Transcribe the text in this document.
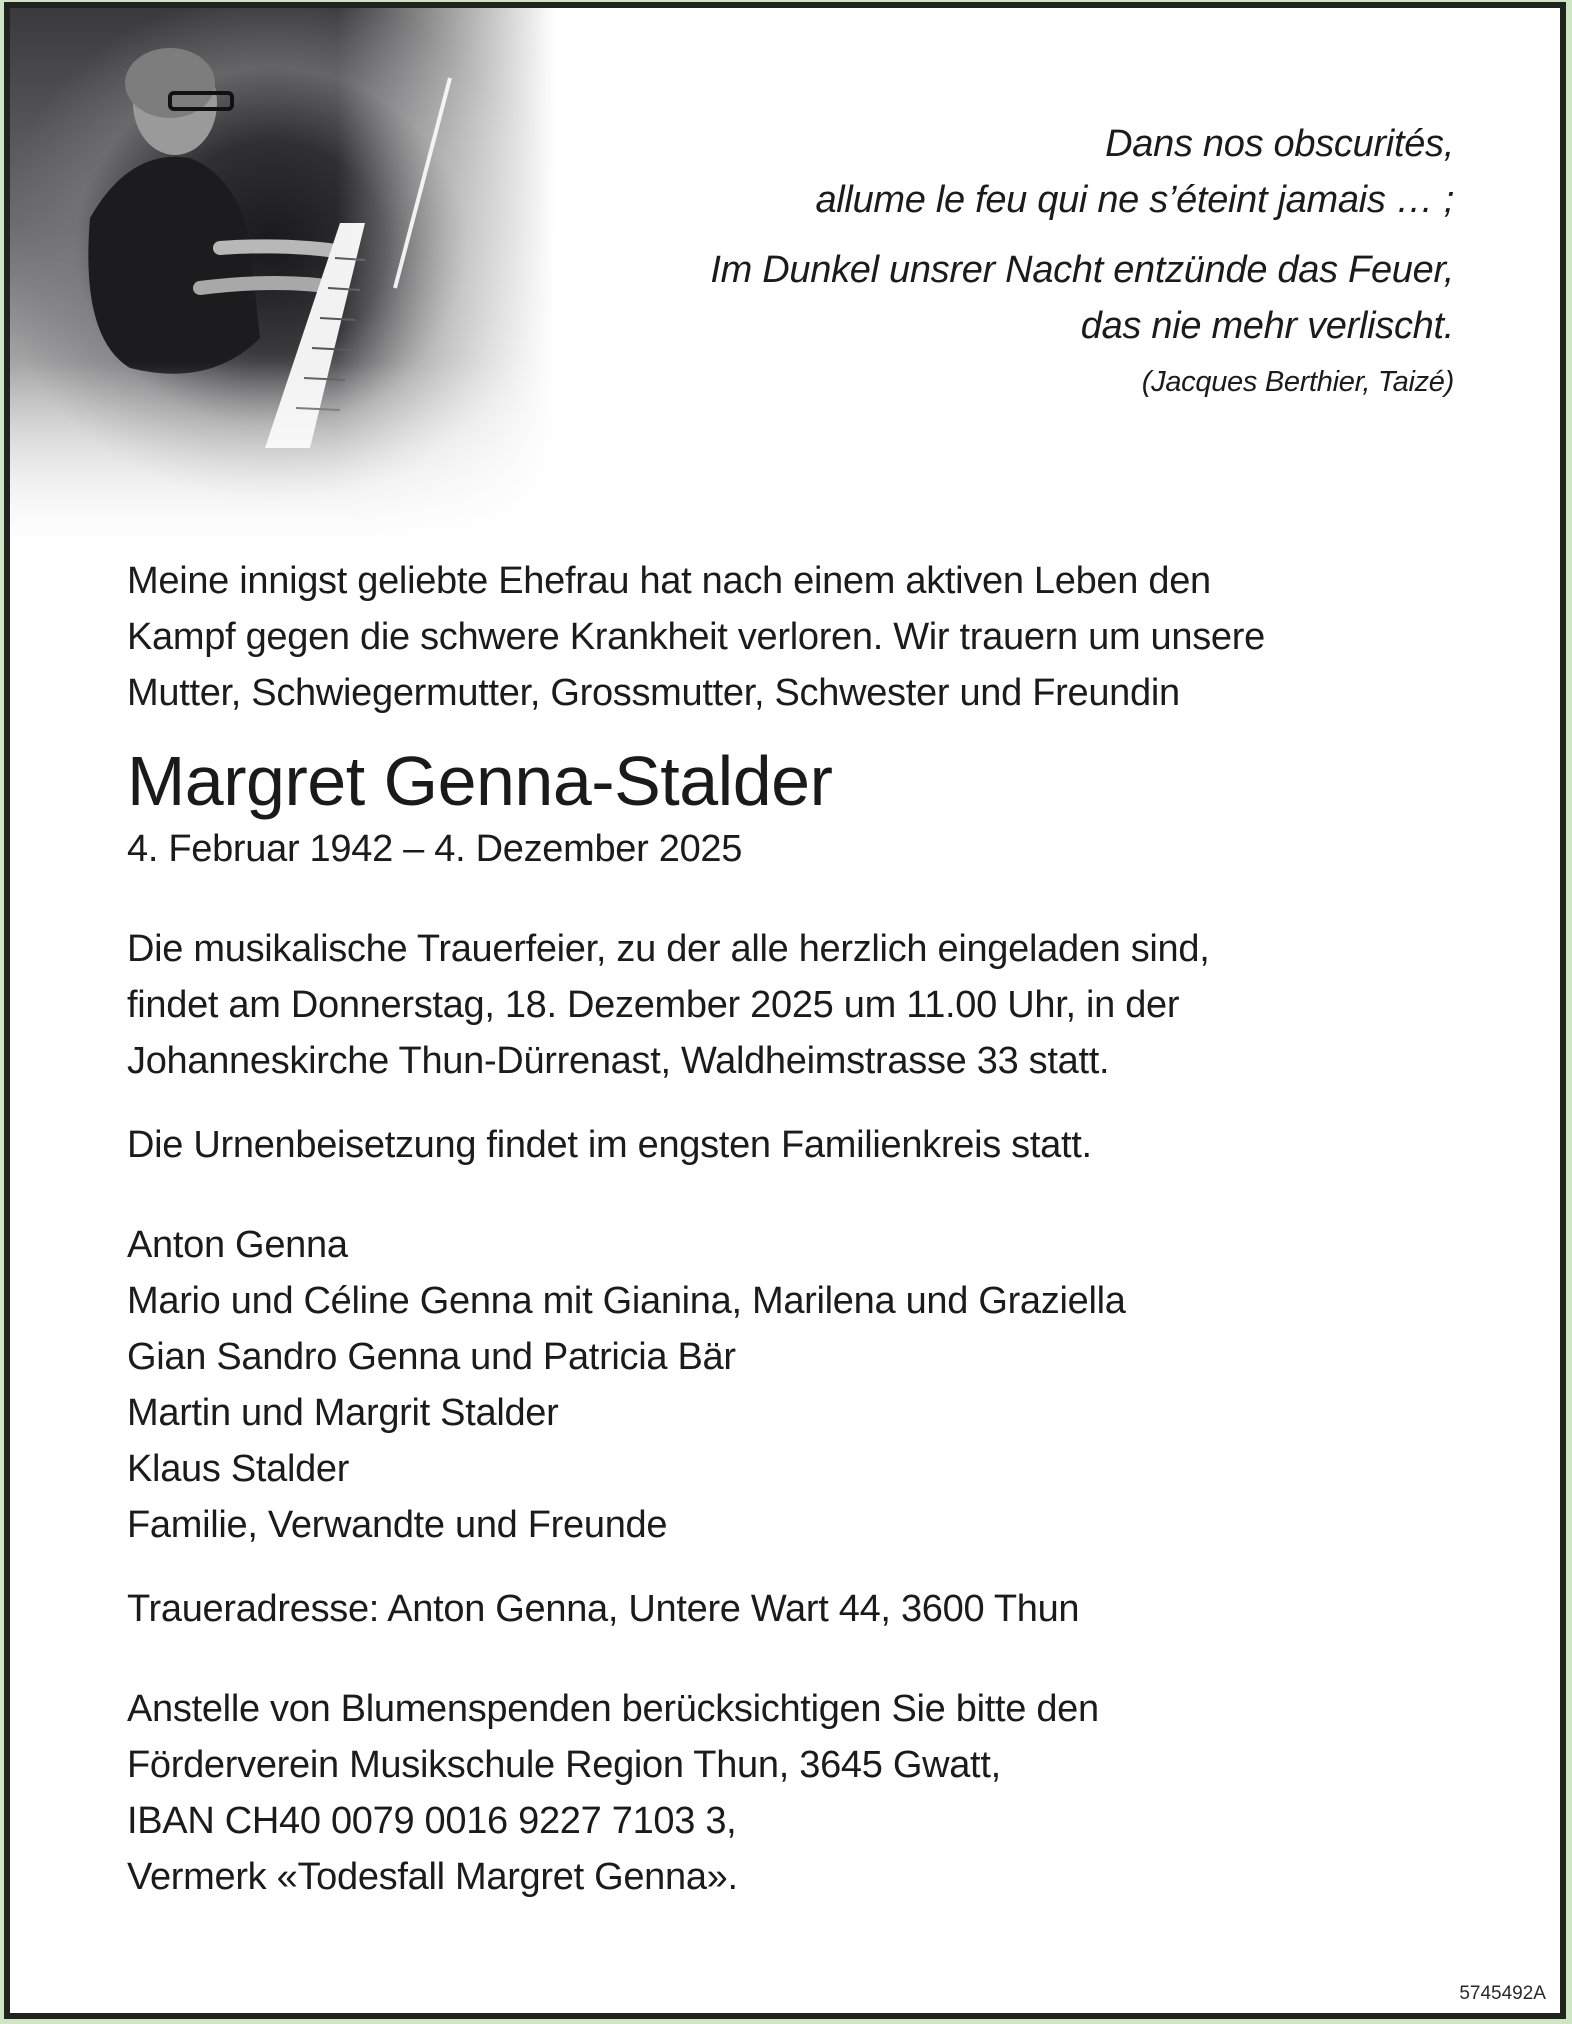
Dans nos obscurités,
allume le feu qui ne s’éteint jamais … ;
Im Dunkel unsrer Nacht entzünde das Feuer,
das nie mehr verlischt.
(Jacques Berthier, Taizé)

Meine innigst geliebte Ehefrau hat nach einem aktiven Leben den
Kampf gegen die schwere Krankheit verloren. Wir trauern um unsere
Mutter, Schwiegermutter, Grossmutter, Schwester und Freundin

Margret Genna-Stalder

4. Februar 1942 – 4. Dezember 2025

Die musikalische Trauerfeier, zu der alle herzlich eingeladen sind,
findet am Donnerstag, 18. Dezember 2025 um 11.00 Uhr, in der
Johanneskirche Thun-Dürrenast, Waldheimstrasse 33 statt.

Die Urnenbeisetzung findet im engsten Familienkreis statt.

Anton Genna
Mario und Céline Genna mit Gianina, Marilena und Graziella
Gian Sandro Genna und Patricia Bär
Martin und Margrit Stalder
Klaus Stalder
Familie, Verwandte und Freunde

Traueradresse: Anton Genna, Untere Wart 44, 3600 Thun

Anstelle von Blumenspenden berücksichtigen Sie bitte den
Förderverein Musikschule Region Thun, 3645 Gwatt,
IBAN CH40 0079 0016 9227 7103 3,
Vermerk «Todesfall Margret Genna».

5745492A
